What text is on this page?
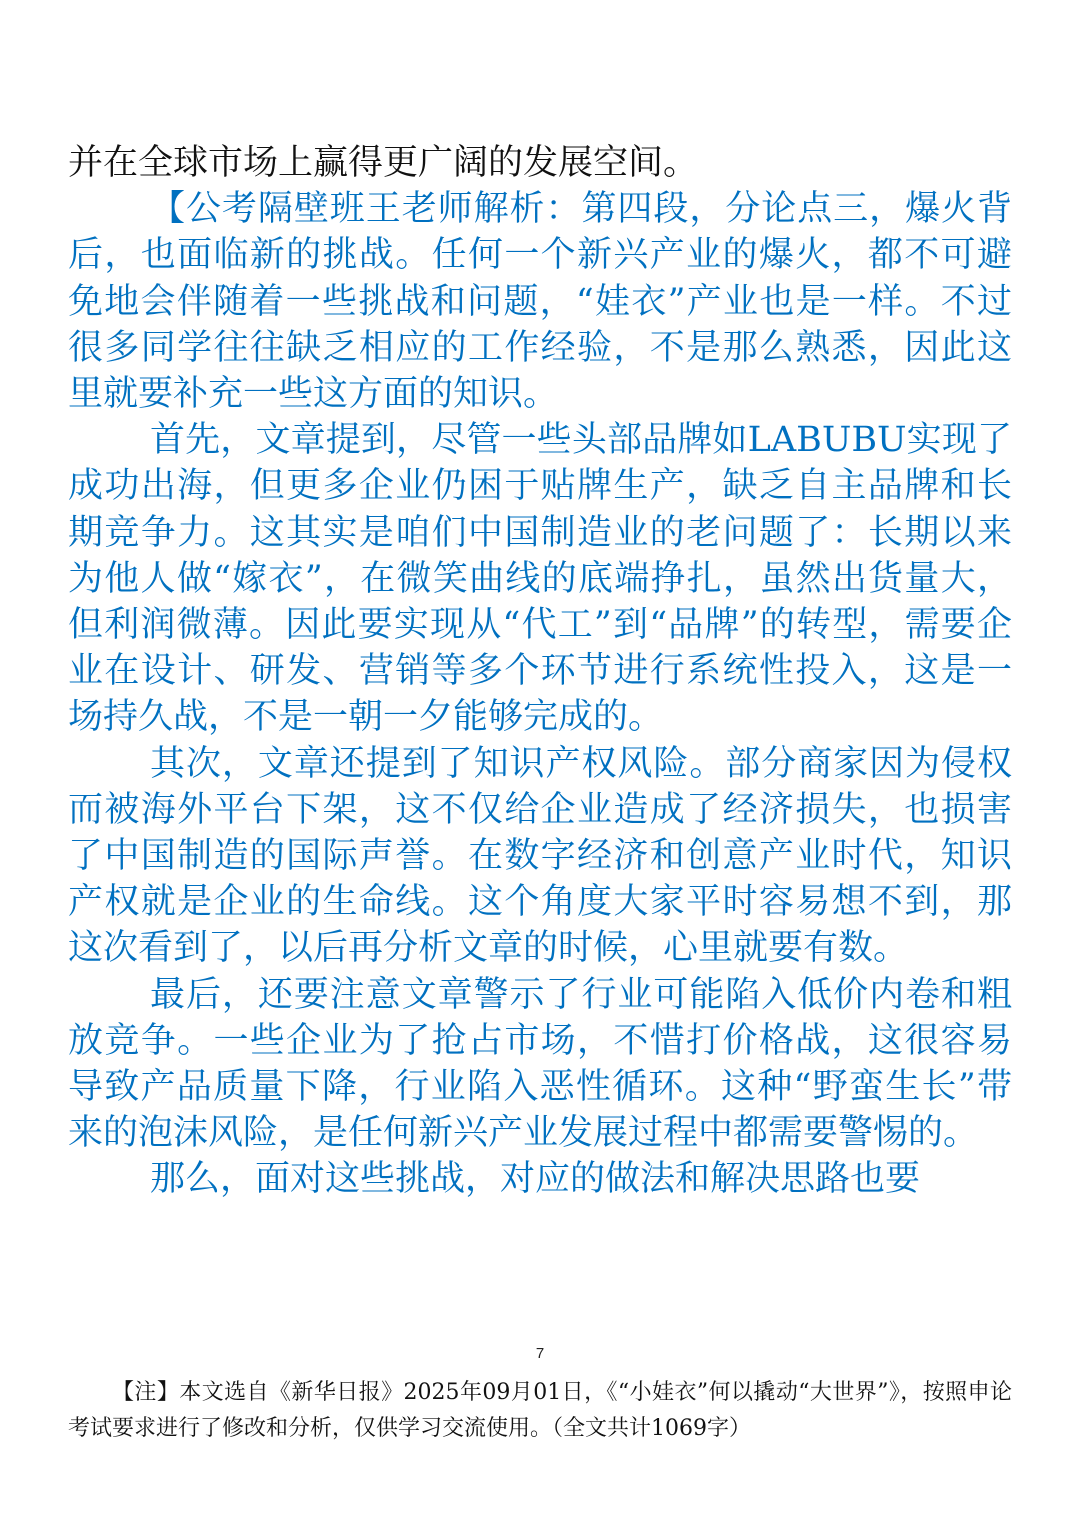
并在全球市场上赢得更广阔的发展空间。

【公考隔壁班王老师解析：第四段，分论点三，爆火背后，也面临新的挑战。任何一个新兴产业的爆火，都不可避免地会伴随着一些挑战和问题，“娃衣”产业也是一样。不过很多同学往往缺乏相应的工作经验，不是那么熟悉，因此这里就要补充一些这方面的知识。

首先，文章提到，尽管一些头部品牌如LABUBU实现了成功出海，但更多企业仍困于贴牌生产，缺乏自主品牌和长期竞争力。这其实是咱们中国制造业的老问题了：长期以来为他人做“嫁衣”，在微笑曲线的底端挣扎，虽然出货量大，但利润微薄。因此要实现从“代工”到“品牌”的转型，需要企业在设计、研发、营销等多个环节进行系统性投入，这是一场持久战，不是一朝一夕能够完成的。

其次，文章还提到了知识产权风险。部分商家因为侵权而被海外平台下架，这不仅给企业造成了经济损失，也损害了中国制造的国际声誉。在数字经济和创意产业时代，知识产权就是企业的生命线。这个角度大家平时容易想不到，那这次看到了，以后再分析文章的时候，心里就要有数。

最后，还要注意文章警示了行业可能陷入低价内卷和粗放竞争。一些企业为了抢占市场，不惜打价格战，这很容易导致产品质量下降，行业陷入恶性循环。这种“野蛮生长”带来的泡沫风险，是任何新兴产业发展过程中都需要警惕的。

那么，面对这些挑战，对应的做法和解决思路也要

7
【注】本文选自《新华日报》2025年09月01日，《“小娃衣”何以撬动“大世界”》，按照申论考试要求进行了修改和分析，仅供学习交流使用。（全文共计1069字）
